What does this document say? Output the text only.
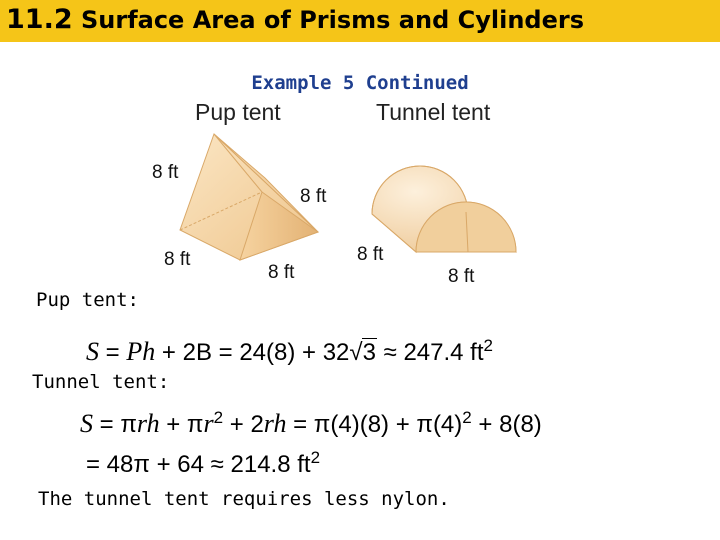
11.2 Surface Area of Prisms and Cylinders
Example 5 Continued
Pup tent	Tunnel tent
8 ft
8 ft
8 ft
8 ft
8 ft
8 ft
Pup tent:
S = Ph + 2B = 24(8) + 32√3 ≈ 247.4 $ft^2$
Tunnel tent:
$S = \pi rh + \pi r^2 + 2rh = \pi(4)(8) + \pi(4)^2 + 8(8)$
= 48π + 64 ≈ 214.8 $ft^2$
The tunnel tent requires less nylon.
